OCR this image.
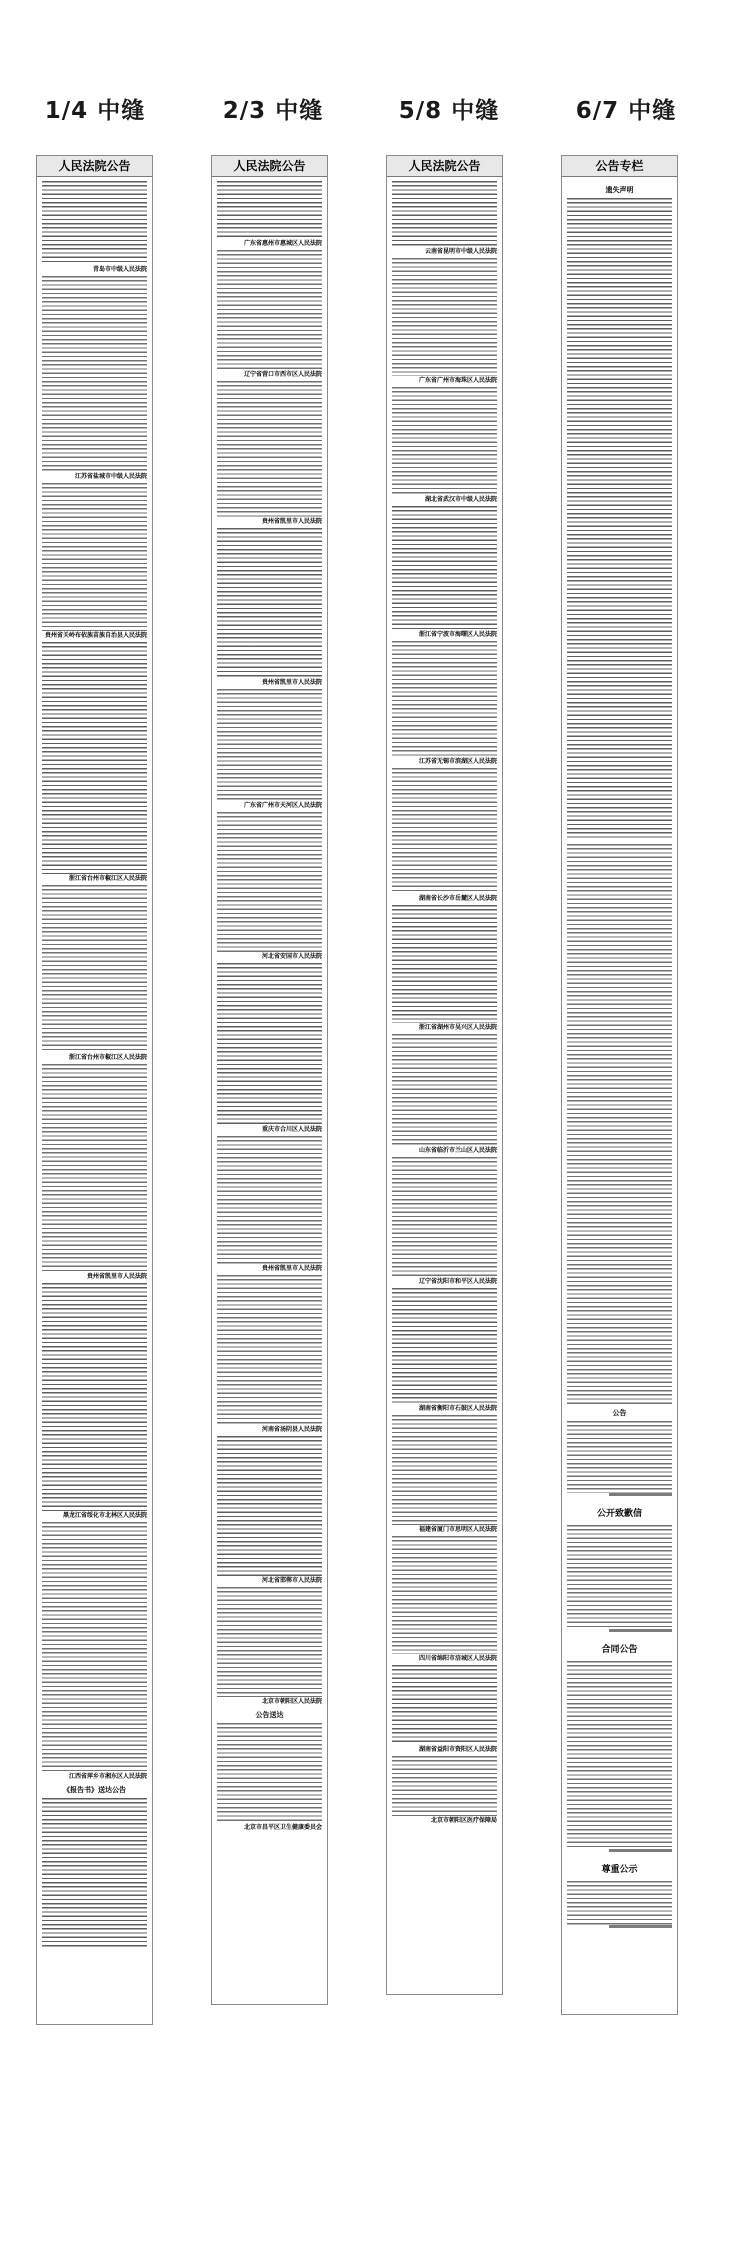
1/4 中缝	2/3 中缝	5/8 中缝	6/7 中缝
人民法院公告
青岛市中级人民法院
江苏省盐城市中级人民法院
贵州省关岭布依族苗族自治县人民法院
浙江省台州市椒江区人民法院
浙江省台州市椒江区人民法院
贵州省凯里市人民法院
黑龙江省绥化市北林区人民法院
江西省萍乡市湘东区人民法院
《报告书》送达公告
人民法院公告
广东省惠州市惠城区人民法院
辽宁省营口市西市区人民法院
贵州省凯里市人民法院
贵州省凯里市人民法院
广东省广州市天河区人民法院
河北省安国市人民法院
重庆市合川区人民法院
贵州省凯里市人民法院
河南省汤阴县人民法院
河北省邯郸市人民法院
北京市朝阳区人民法院
公告送达
北京市昌平区卫生健康委员会
人民法院公告
云南省昆明市中级人民法院
广东省广州市海珠区人民法院
湖北省武汉市中级人民法院
浙江省宁波市海曙区人民法院
江苏省无锡市滨湖区人民法院
湖南省长沙市岳麓区人民法院
浙江省湖州市吴兴区人民法院
山东省临沂市兰山区人民法院
辽宁省沈阳市和平区人民法院
湖南省衡阳市石鼓区人民法院
福建省厦门市思明区人民法院
四川省绵阳市涪城区人民法院
湖南省益阳市资阳区人民法院
北京市朝阳区医疗保障局
公告专栏
遗失声明
公告
公开致歉信
合同公告
尊重公示
